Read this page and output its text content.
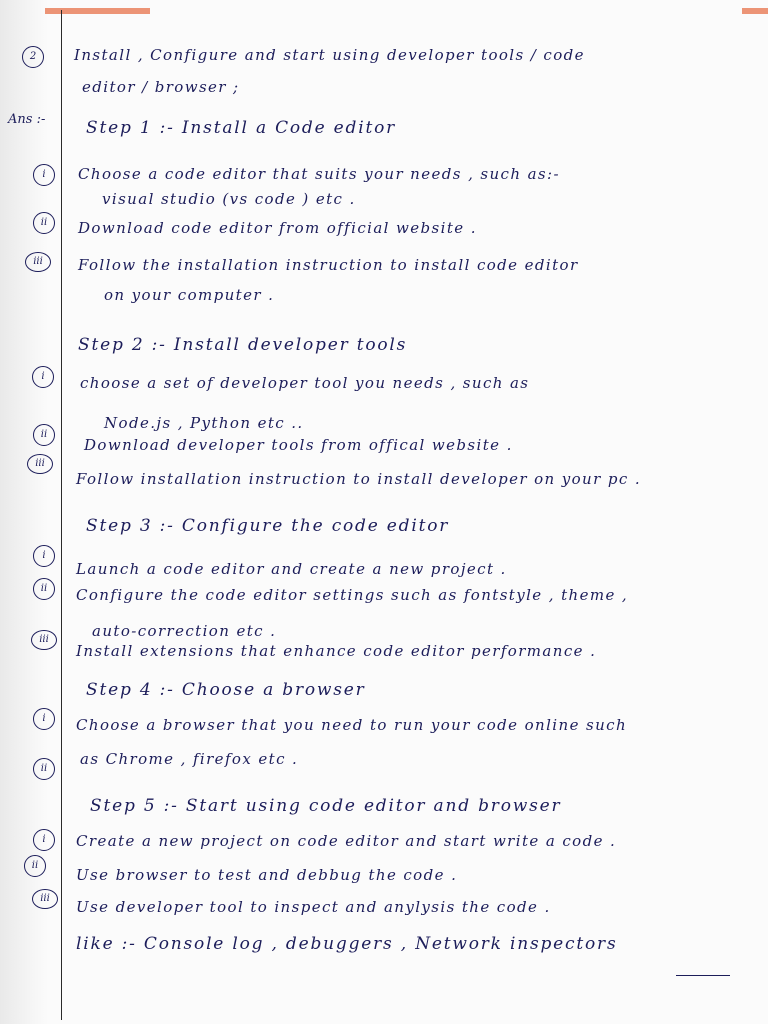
2
Ans :-
i
ii
iii
i
ii
iii
i
ii
iii
i
ii
i
ii
iii
Install , Configure and start using developer tools / code
editor / browser ;
Step 1 :- Install a Code editor
Choose a code editor that suits your needs , such as:-
visual studio (vs code ) etc .
Download code editor from official website .
Follow the installation instruction to install code editor
on your computer .
Step 2 :- Install developer tools
choose a set of developer tool you needs , such as
Node.js , Python etc ..
Download developer tools from offical website .
Follow installation instruction to install developer on your pc .
Step 3 :- Configure the code editor
Launch a code editor and create a new project .
Configure the code editor settings such as fontstyle , theme ,
auto-correction etc .
Install extensions that enhance code editor performance .
Step 4 :- Choose a browser
Choose a browser that you need to run your code online such
as Chrome , firefox etc .
Step 5 :- Start using code editor and browser
Create a new project on code editor and start write a code .
Use browser to test and debbug the code .
Use developer tool to inspect and anylysis the code .
like :- Console log , debuggers , Network inspectors
